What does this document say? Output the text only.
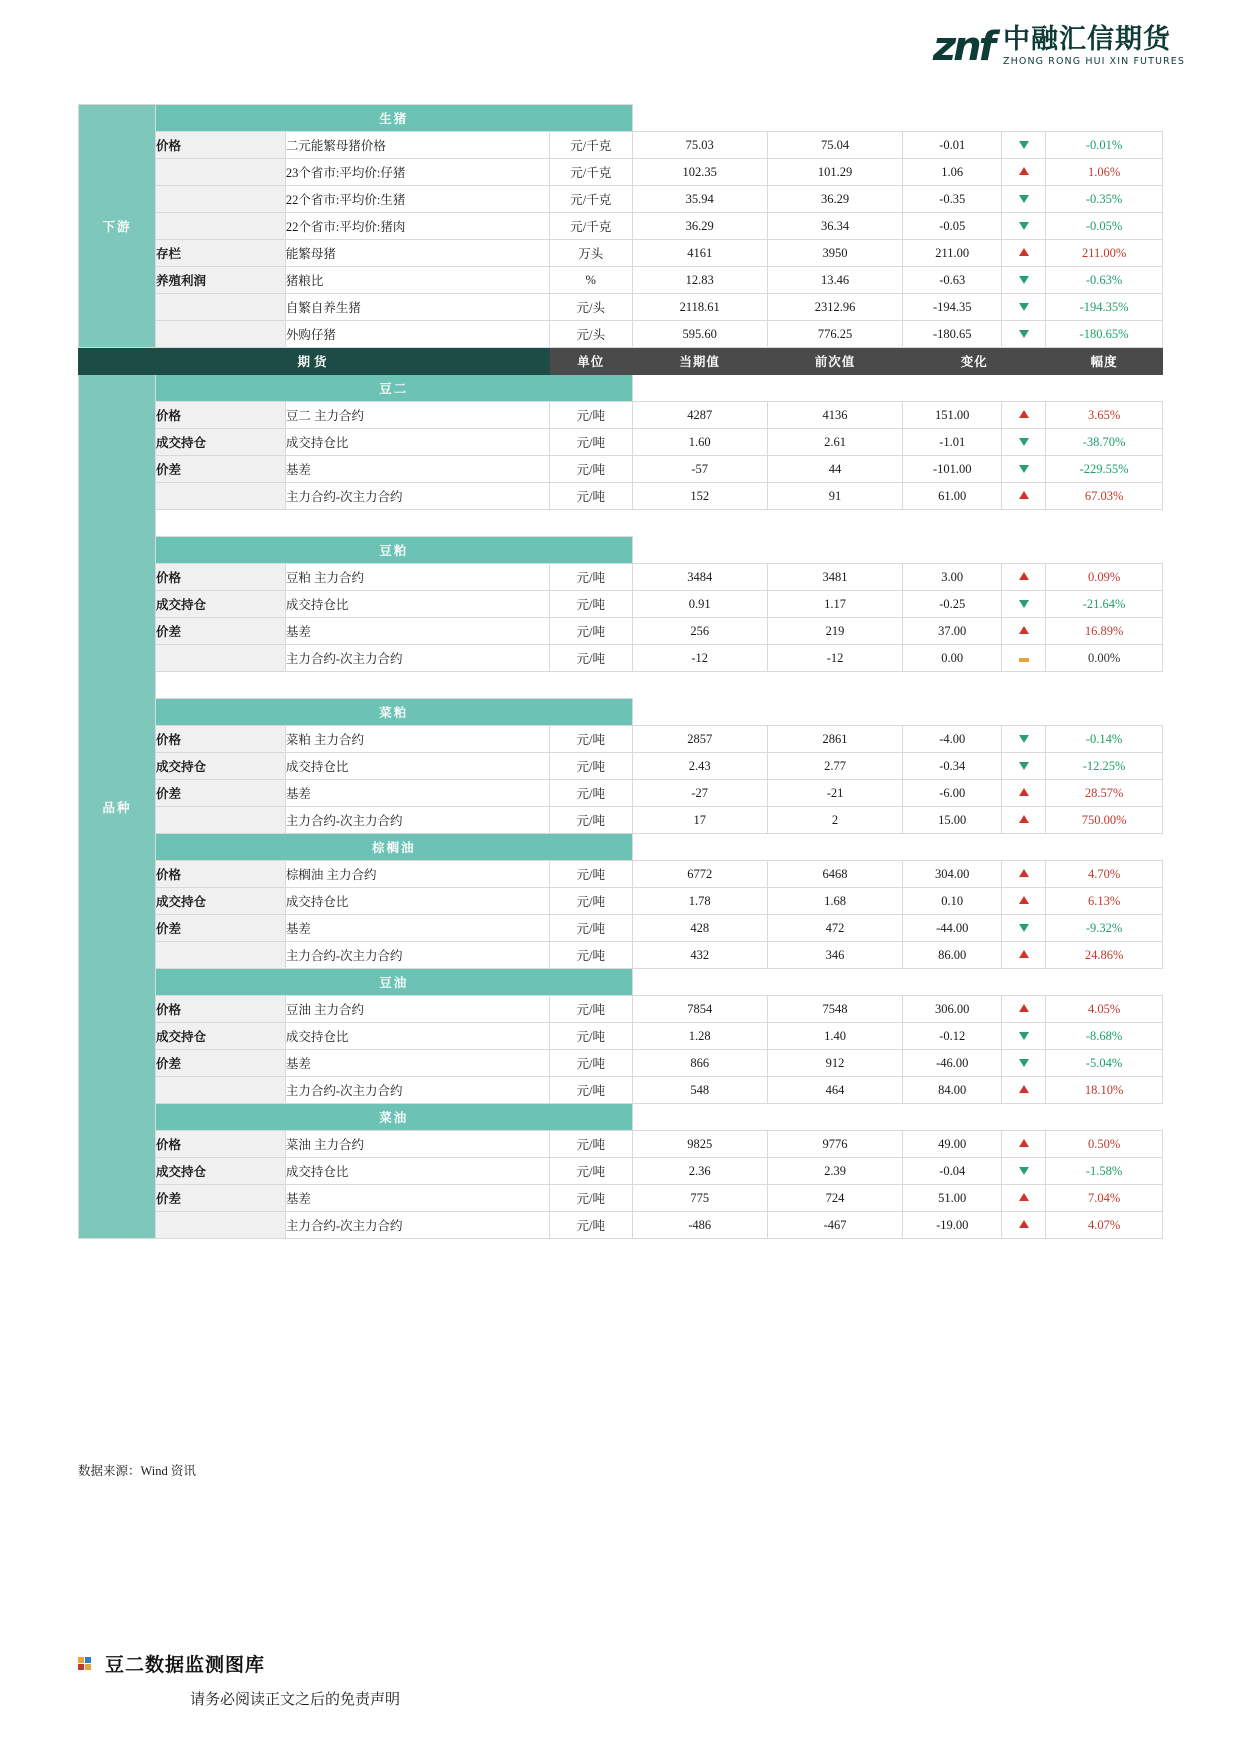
znf 中融汇信期货
ZHONG RONG HUI XIN FUTURES
下游	生猪							
	价格	二元能繁母猪价格	元/千克	75.03	75.04	-0.01		-0.01%
		23个省市:平均价:仔猪	元/千克	102.35	101.29	1.06		1.06%
		22个省市:平均价:生猪	元/千克	35.94	36.29	-0.35		-0.35%
		22个省市:平均价:猪肉	元/千克	36.29	36.34	-0.05		-0.05%
	存栏	能繁母猪	万头	4161	3950	211.00		211.00%
	养殖利润	猪粮比	%	12.83	13.46	-0.63		-0.63%
		自繁自养生猪	元/头	2118.61	2312.96	-194.35		-194.35%
		外购仔猪	元/头	595.60	776.25	-180.65		-180.65%
期货			单位	当期值	前次值	变化		幅度
品种	豆二							
	价格	豆二 主力合约	元/吨	4287	4136	151.00		3.65%
	成交持仓	成交持仓比	元/吨	1.60	2.61	-1.01		-38.70%
	价差	基差	元/吨	-57	44	-101.00		-229.55%
		主力合约-次主力合约	元/吨	152	91	61.00		67.03%

	豆粕							
	价格	豆粕 主力合约	元/吨	3484	3481	3.00		0.09%
	成交持仓	成交持仓比	元/吨	0.91	1.17	-0.25		-21.64%
	价差	基差	元/吨	256	219	37.00		16.89%
		主力合约-次主力合约	元/吨	-12	-12	0.00		0.00%

	菜粕							
	价格	菜粕 主力合约	元/吨	2857	2861	-4.00		-0.14%
	成交持仓	成交持仓比	元/吨	2.43	2.77	-0.34		-12.25%
	价差	基差	元/吨	-27	-21	-6.00		28.57%
		主力合约-次主力合约	元/吨	17	2	15.00		750.00%
	棕榈油							
	价格	棕榈油 主力合约	元/吨	6772	6468	304.00		4.70%
	成交持仓	成交持仓比	元/吨	1.78	1.68	0.10		6.13%
	价差	基差	元/吨	428	472	-44.00		-9.32%
		主力合约-次主力合约	元/吨	432	346	86.00		24.86%
	豆油							
	价格	豆油 主力合约	元/吨	7854	7548	306.00		4.05%
	成交持仓	成交持仓比	元/吨	1.28	1.40	-0.12		-8.68%
	价差	基差	元/吨	866	912	-46.00		-5.04%
		主力合约-次主力合约	元/吨	548	464	84.00		18.10%
	菜油							
	价格	菜油 主力合约	元/吨	9825	9776	49.00		0.50%
	成交持仓	成交持仓比	元/吨	2.36	2.39	-0.04		-1.58%
	价差	基差	元/吨	775	724	51.00		7.04%
		主力合约-次主力合约	元/吨	-486	-467	-19.00		4.07%
数据来源：Wind 资讯
豆二数据监测图库
请务必阅读正文之后的免责声明
